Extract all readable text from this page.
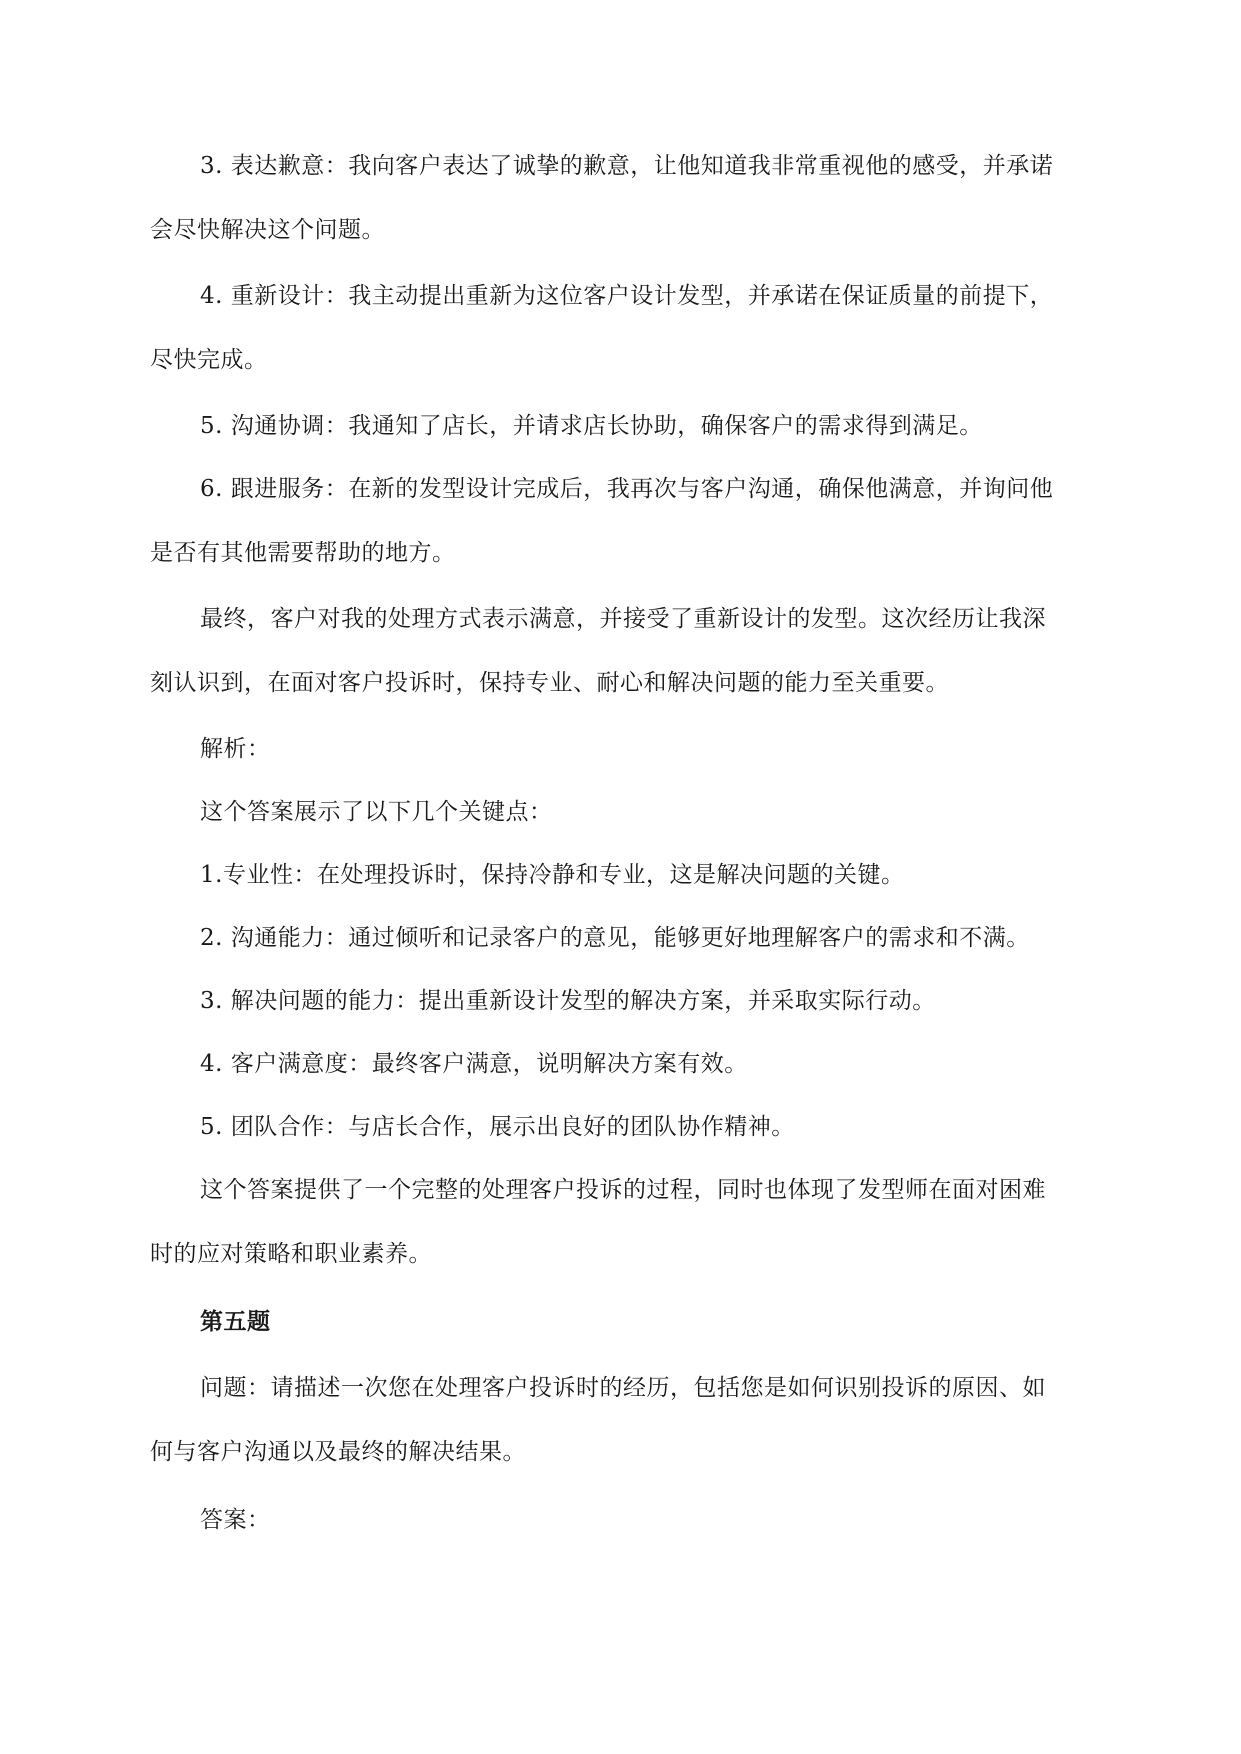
3. 表达歉意：我向客户表达了诚挚的歉意，让他知道我非常重视他的感受，并承诺
会尽快解决这个问题。
4. 重新设计：我主动提出重新为这位客户设计发型，并承诺在保证质量的前提下，
尽快完成。
5. 沟通协调：我通知了店长，并请求店长协助，确保客户的需求得到满足。
6. 跟进服务：在新的发型设计完成后，我再次与客户沟通，确保他满意，并询问他
是否有其他需要帮助的地方。
最终，客户对我的处理方式表示满意，并接受了重新设计的发型。这次经历让我深
刻认识到，在面对客户投诉时，保持专业、耐心和解决问题的能力至关重要。
解析：
这个答案展示了以下几个关键点：
1.专业性：在处理投诉时，保持冷静和专业，这是解决问题的关键。
2. 沟通能力：通过倾听和记录客户的意见，能够更好地理解客户的需求和不满。
3. 解决问题的能力：提出重新设计发型的解决方案，并采取实际行动。
4. 客户满意度：最终客户满意，说明解决方案有效。
5. 团队合作：与店长合作，展示出良好的团队协作精神。
这个答案提供了一个完整的处理客户投诉的过程，同时也体现了发型师在面对困难
时的应对策略和职业素养。
第五题
问题：请描述一次您在处理客户投诉时的经历，包括您是如何识别投诉的原因、如
何与客户沟通以及最终的解决结果。
答案：
